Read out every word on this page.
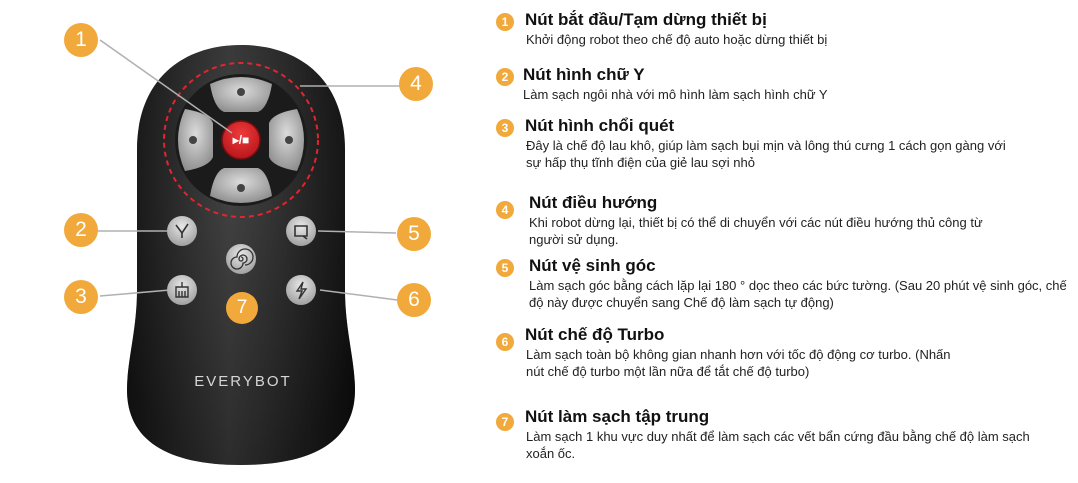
▸/■
EVERYBOT
1
4
2	5
3	6
7
1 Nút bắt đầu/Tạm dừng thiết bị
Khởi động robot theo chế độ auto hoặc dừng thiết bị
2 Nút hình chữ Y
Làm sạch ngôi nhà với mô hình làm sạch hình chữ Y
3 Nút hình chổi quét
Đây là chế độ lau khô, giúp làm sạch bụi mịn và lông thú cưng 1 cách gọn gàng với sự hấp thụ tĩnh điện của giẻ lau sợi nhỏ
4	Nút điều hướng
Khi robot dừng lại, thiết bị có thể di chuyển với các nút điều hướng thủ công từ người sử dụng.
5	Nút vệ sinh góc
Làm sạch góc bằng cách lặp lại 180 ° dọc theo các bức tường. (Sau 20 phút vệ sinh góc, chế độ này được chuyển sang Chế độ làm sạch tự động)
6 Nút chế độ Turbo
Làm sạch toàn bộ không gian nhanh hơn với tốc độ động cơ turbo. (Nhấn nút chế độ turbo một lần nữa để tắt chế độ turbo)
7 Nút làm sạch tập trung
Làm sạch 1 khu vực duy nhất để làm sạch các vết bẩn cứng đầu bằng chế độ làm sạch xoắn ốc.
